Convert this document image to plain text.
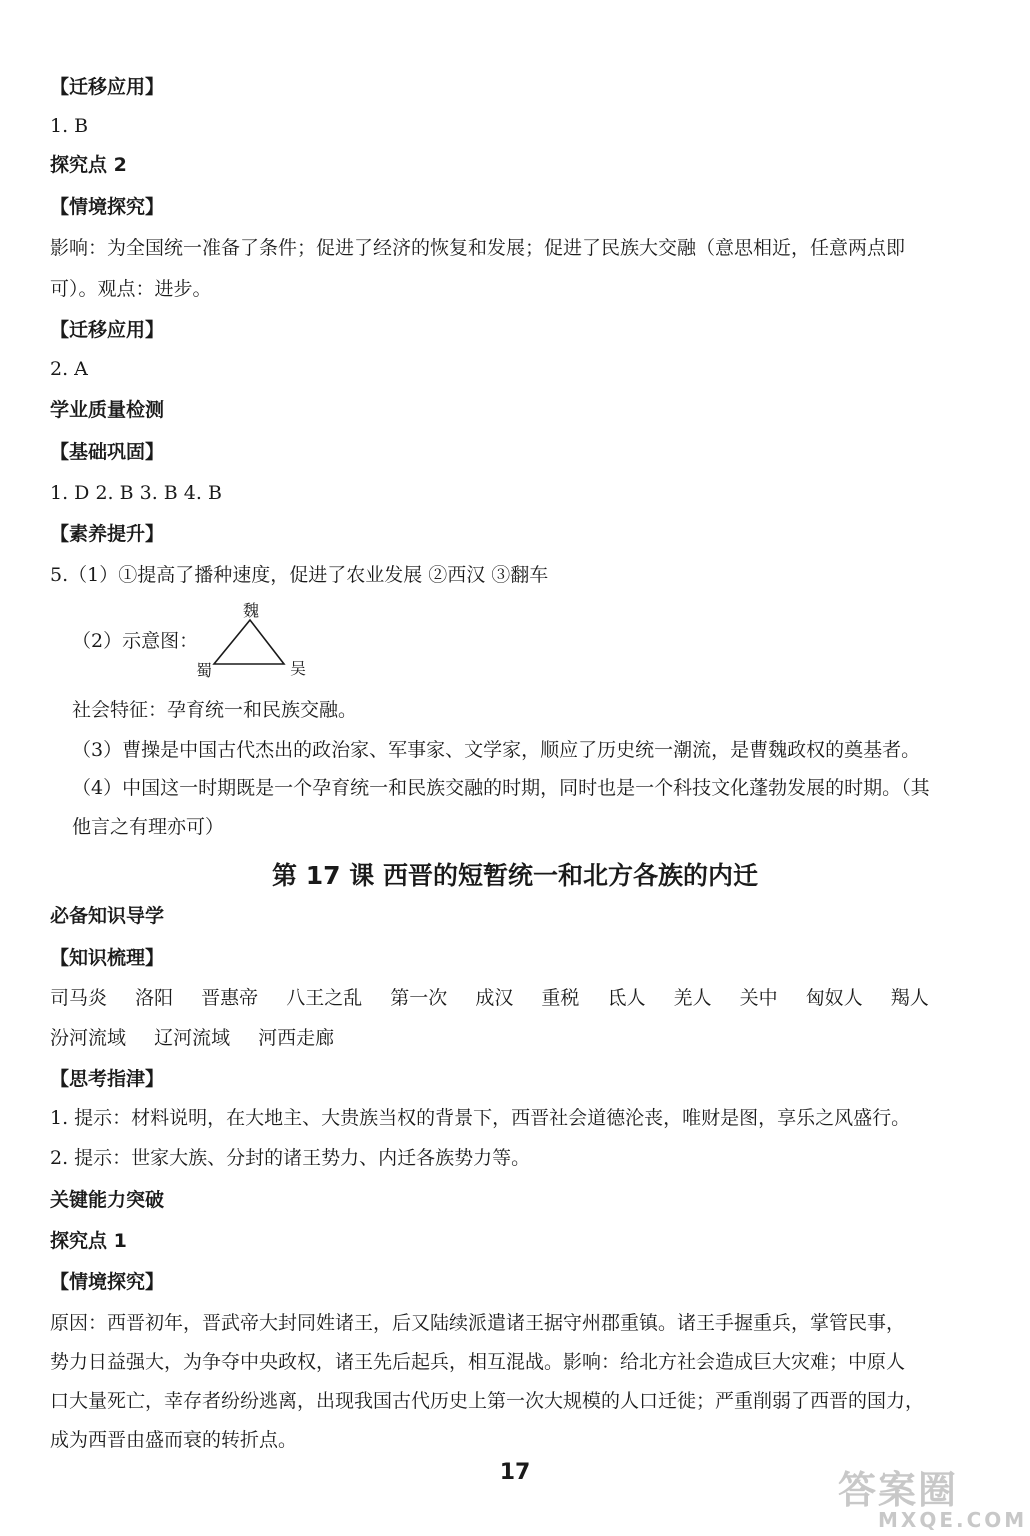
【迁移应用】
1. B
探究点 2
【情境探究】
影响：为全国统一准备了条件；促进了经济的恢复和发展；促进了民族大交融（意思相近，任意两点即
可）。观点：进步。
【迁移应用】
2. A
学业质量检测
【基础巩固】
1. D 2. B 3. B 4. B
【素养提升】
5.（1）①提高了播种速度，促进了农业发展 ②西汉 ③翻车
（2）示意图：
魏
蜀	吴
社会特征：孕育统一和民族交融。
（3）曹操是中国古代杰出的政治家、军事家、文学家，顺应了历史统一潮流，是曹魏政权的奠基者。
（4）中国这一时期既是一个孕育统一和民族交融的时期，同时也是一个科技文化蓬勃发展的时期。（其
他言之有理亦可）
第 17 课 西晋的短暂统一和北方各族的内迁
必备知识导学
【知识梳理】
司马炎 洛阳 晋惠帝 八王之乱 第一次 成汉 重税 氐人 羌人 关中 匈奴人 羯人
汾河流域 辽河流域 河西走廊
【思考指津】
1. 提示：材料说明，在大地主、大贵族当权的背景下，西晋社会道德沦丧，唯财是图，享乐之风盛行。
2. 提示：世家大族、分封的诸王势力、内迁各族势力等。
关键能力突破
探究点 1
【情境探究】
原因：西晋初年，晋武帝大封同姓诸王，后又陆续派遣诸王据守州郡重镇。诸王手握重兵，掌管民事，
势力日益强大，为争夺中央政权，诸王先后起兵，相互混战。影响：给北方社会造成巨大灾难；中原人
口大量死亡，幸存者纷纷逃离，出现我国古代历史上第一次大规模的人口迁徙；严重削弱了西晋的国力，
成为西晋由盛而衰的转折点。
17	答案圈
MXQE.COM
